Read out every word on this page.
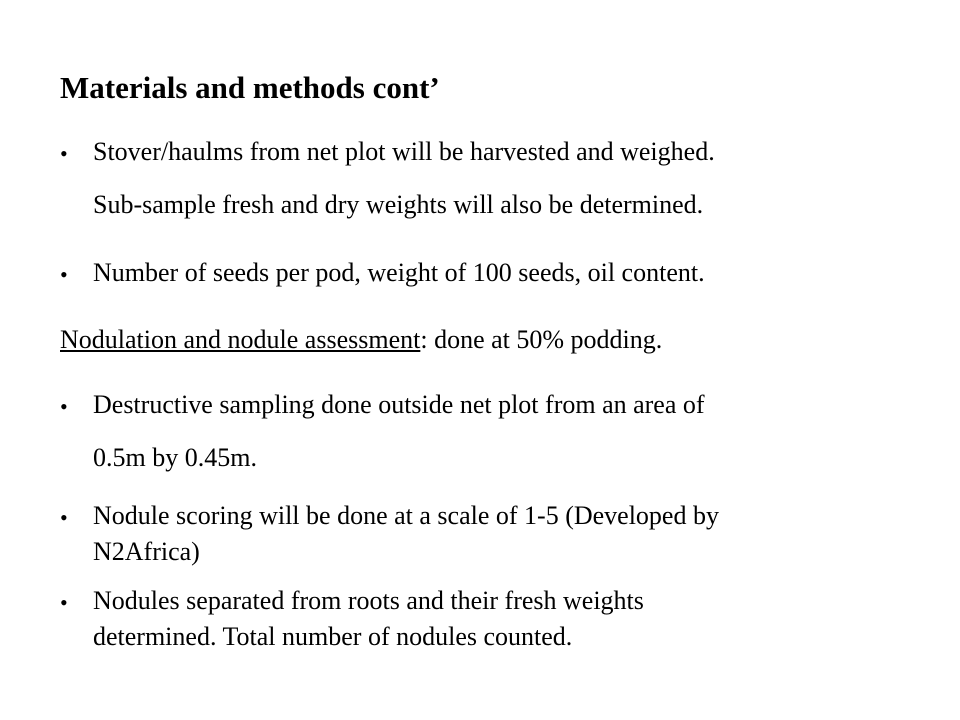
Materials and methods cont’
• Stover/haulms from net plot will be harvested and weighed.
Sub-sample fresh and dry weights will also be determined.
• Number of seeds per pod, weight of 100 seeds, oil content.
Nodulation and nodule assessment: done at 50% podding.
• Destructive sampling done outside net plot from an area of
0.5m by 0.45m.
• Nodule scoring will be done at a scale of 1-5 (Developed by
N2Africa)
• Nodules separated from roots and their fresh weights
determined. Total number of nodules counted.
